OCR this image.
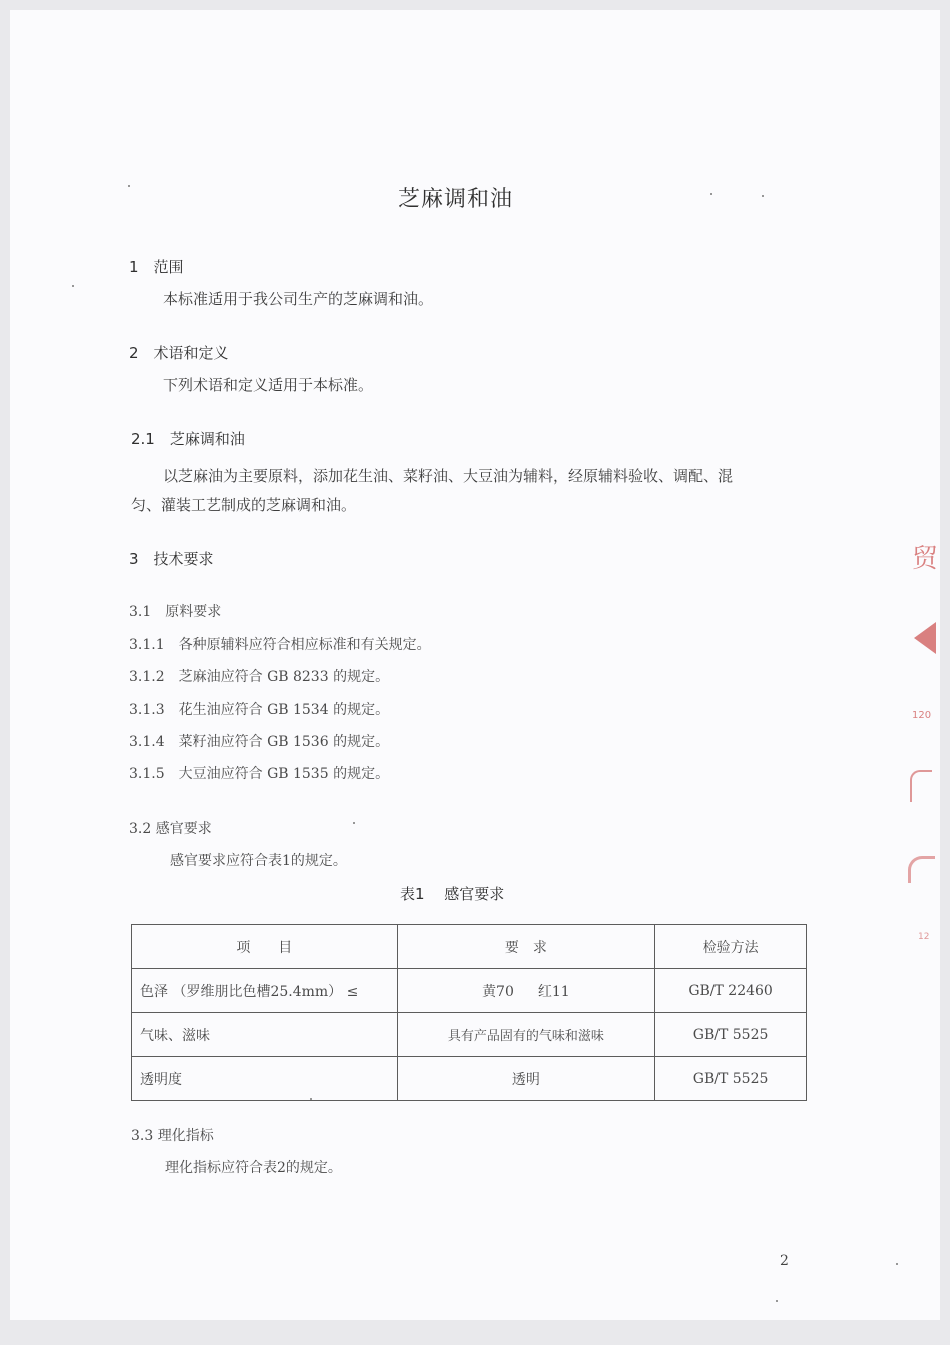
芝麻调和油
1　范围
本标准适用于我公司生产的芝麻调和油。
2　术语和定义
下列术语和定义适用于本标准。
2.1　芝麻调和油
以芝麻油为主要原料，添加花生油、菜籽油、大豆油为辅料，经原辅料验收、调配、混
匀、灌装工艺制成的芝麻调和油。
3　技术要求
3.1　原料要求
3.1.1　各种原辅料应符合相应标准和有关规定。
3.1.2　芝麻油应符合 GB 8233 的规定。
3.1.3　花生油应符合 GB 1534 的规定。
3.1.4　菜籽油应符合 GB 1536 的规定。
3.1.5　大豆油应符合 GB 1535 的规定。
3.2 感官要求
感官要求应符合表1的规定。
表1　 感官要求
项　　目	要　求	检验方法
色泽 （罗维朋比色槽25.4mm） ≤	黄70 红11	GB/T 22460
气味、滋味	具有产品固有的气味和滋味	GB/T 5525
透明度	透明	GB/T 5525
3.3 理化指标
理化指标应符合表2的规定。
2
贸
120
12
